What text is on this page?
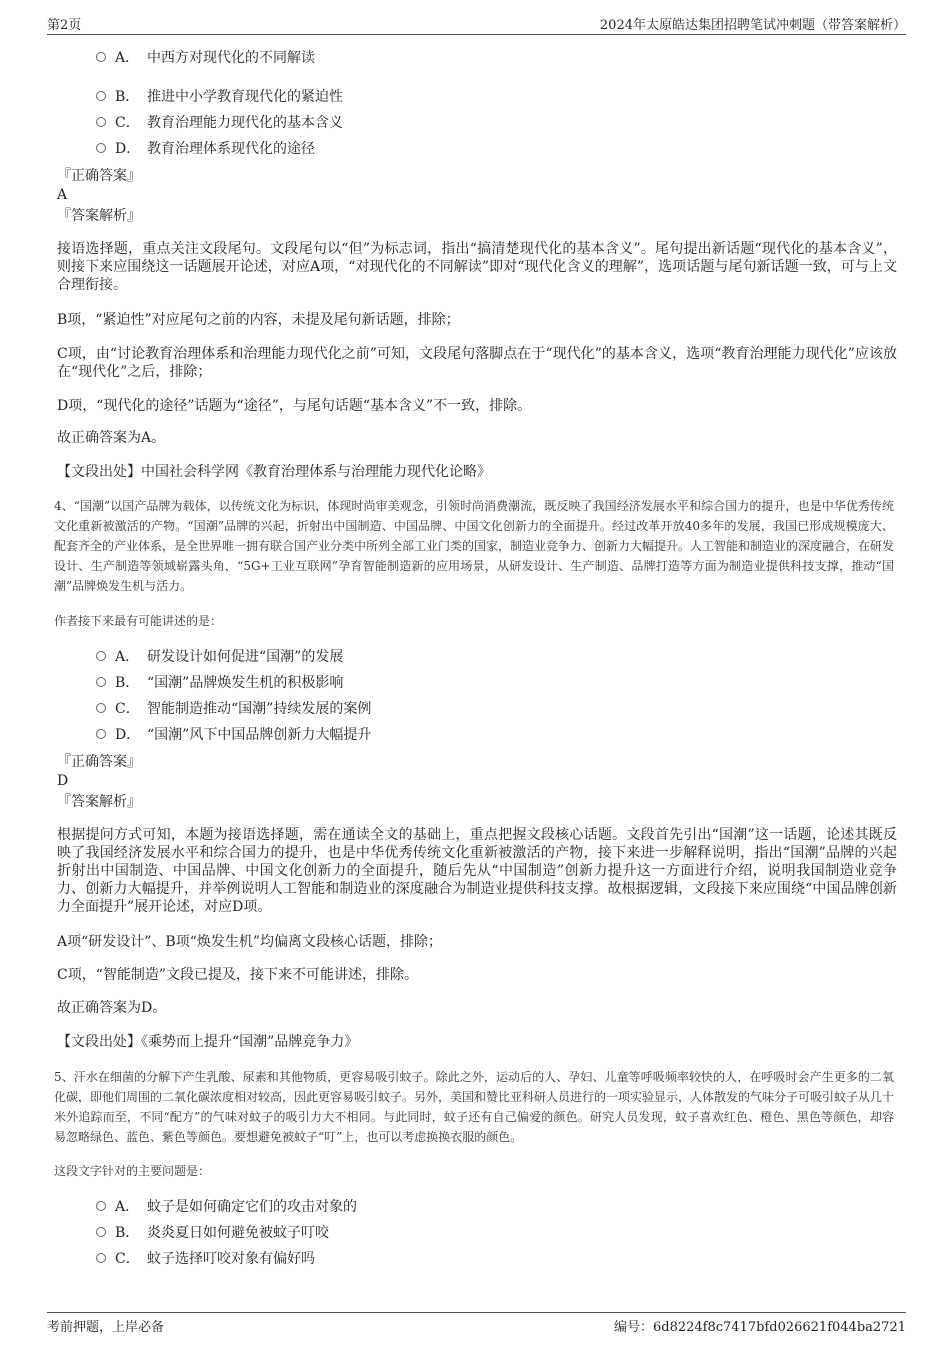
第2页	2024年太原皓达集团招聘笔试冲刺题（带答案解析）
A． 中西方对现代化的不同解读
B． 推进中小学教育现代化的紧迫性
C． 教育治理能力现代化的基本含义
D． 教育治理体系现代化的途径
『正确答案』
A
『答案解析』
接语选择题，重点关注文段尾句。文段尾句以“但”为标志词，指出“搞清楚现代化的基本含义”。尾句提出新话题“现代化的基本含义”，则接下来应围绕这一话题展开论述，对应A项，“对现代化的不同解读”即对“现代化含义的理解”，选项话题与尾句新话题一致，可与上文合理衔接。
B项，“紧迫性”对应尾句之前的内容，未提及尾句新话题，排除；
C项，由“讨论教育治理体系和治理能力现代化之前”可知，文段尾句落脚点在于“现代化”的基本含义，选项“教育治理能力现代化”应该放在“现代化”之后，排除；
D项，“现代化的途径”话题为“途径”，与尾句话题“基本含义”不一致，排除。
故正确答案为A。
【文段出处】中国社会科学网《教育治理体系与治理能力现代化论略》
4、“国潮”以国产品牌为载体，以传统文化为标识，体现时尚审美观念，引领时尚消费潮流，既反映了我国经济发展水平和综合国力的提升，也是中华优秀传统文化重新被激活的产物。“国潮”品牌的兴起，折射出中国制造、中国品牌、中国文化创新力的全面提升。经过改革开放40多年的发展，我国已形成规模庞大、配套齐全的产业体系，是全世界唯一拥有联合国产业分类中所列全部工业门类的国家，制造业竞争力、创新力大幅提升。人工智能和制造业的深度融合，在研发设计、生产制造等领域崭露头角，“5G+工业互联网”孕育智能制造新的应用场景，从研发设计、生产制造、品牌打造等方面为制造业提供科技支撑，推动“国潮”品牌焕发生机与活力。
作者接下来最有可能讲述的是：
A． 研发设计如何促进“国潮”的发展
B． “国潮”品牌焕发生机的积极影响
C． 智能制造推动“国潮”持续发展的案例
D． “国潮”风下中国品牌创新力大幅提升
『正确答案』
D
『答案解析』
根据提问方式可知，本题为接语选择题，需在通读全文的基础上，重点把握文段核心话题。文段首先引出“国潮”这一话题，论述其既反映了我国经济发展水平和综合国力的提升，也是中华优秀传统文化重新被激活的产物，接下来进一步解释说明，指出“国潮”品牌的兴起折射出中国制造、中国品牌、中国文化创新力的全面提升，随后先从“中国制造”创新力提升这一方面进行介绍，说明我国制造业竞争力、创新力大幅提升，并举例说明人工智能和制造业的深度融合为制造业提供科技支撑。故根据逻辑，文段接下来应围绕“中国品牌创新力全面提升”展开论述，对应D项。
A项“研发设计”、B项“焕发生机”均偏离文段核心话题，排除；
C项，“智能制造”文段已提及，接下来不可能讲述，排除。
故正确答案为D。
【文段出处】《乘势而上提升“国潮”品牌竞争力》
5、汗水在细菌的分解下产生乳酸、尿素和其他物质，更容易吸引蚊子。除此之外，运动后的人、孕妇、儿童等呼吸频率较快的人，在呼吸时会产生更多的二氧化碳，即他们周围的二氧化碳浓度相对较高，因此更容易吸引蚊子。另外，美国和赞比亚科研人员进行的一项实验显示，人体散发的气味分子可吸引蚊子从几十米外追踪而至，不同“配方”的气味对蚊子的吸引力大不相同。与此同时，蚊子还有自己偏爱的颜色。研究人员发现，蚊子喜欢红色、橙色、黑色等颜色，却容易忽略绿色、蓝色、紫色等颜色。要想避免被蚊子“叮”上，也可以考虑换换衣服的颜色。
这段文字针对的主要问题是：
A． 蚊子是如何确定它们的攻击对象的
B． 炎炎夏日如何避免被蚊子叮咬
C． 蚊子选择叮咬对象有偏好吗
考前押题，上岸必备	编号：6d8224f8c7417bfd026621f044ba2721
